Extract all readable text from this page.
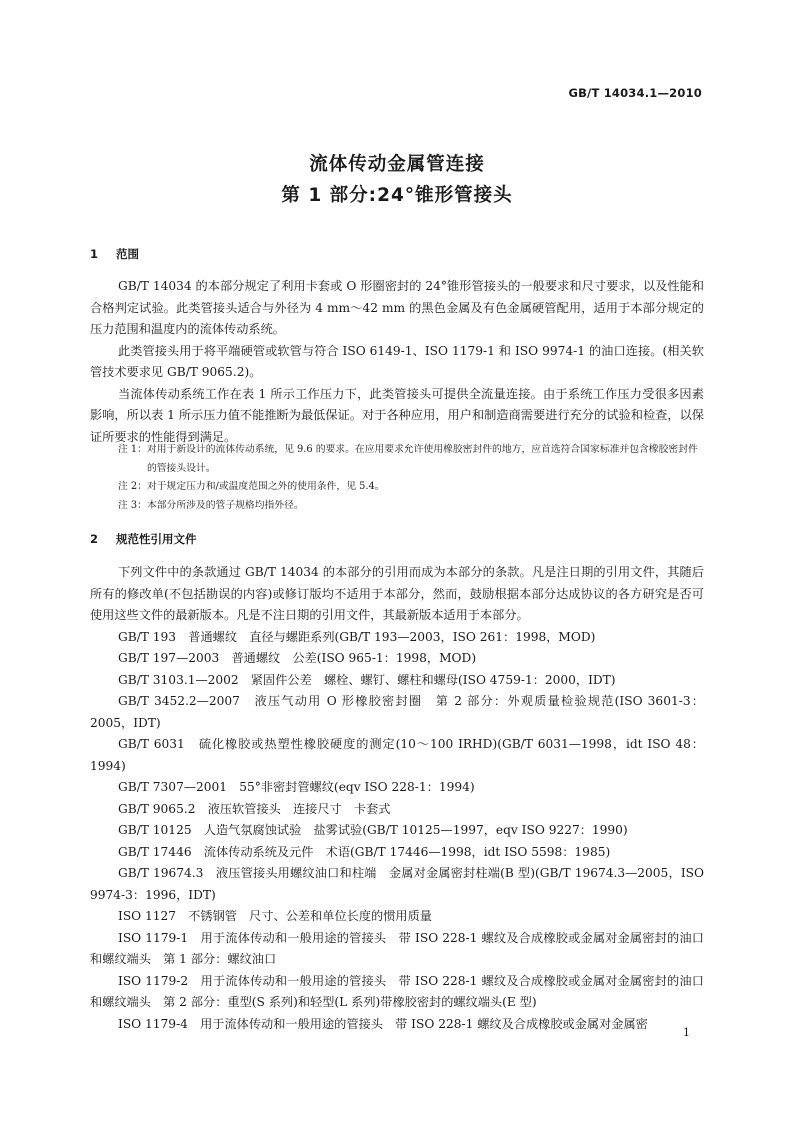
GB/T 14034.1—2010
流体传动金属管连接
第 1 部分:24°锥形管接头
1 范围

GB/T 14034 的本部分规定了利用卡套或 O 形圈密封的 24°锥形管接头的一般要求和尺寸要求，以及性能和合格判定试验。此类管接头适合与外径为 4 mm～42 mm 的黑色金属及有色金属硬管配用，适用于本部分规定的压力范围和温度内的流体传动系统。

此类管接头用于将平端硬管或软管与符合 ISO 6149-1、ISO 1179-1 和 ISO 9974-1 的油口连接。(相关软管技术要求见 GB/T 9065.2)。

当流体传动系统工作在表 1 所示工作压力下，此类管接头可提供全流量连接。由于系统工作压力受很多因素影响，所以表 1 所示压力值不能推断为最低保证。对于各种应用，用户和制造商需要进行充分的试验和检查，以保证所要求的性能得到满足。

注 1： 对用于新设计的流体传动系统，见 9.6 的要求。在应用要求允许使用橡胶密封件的地方，应首选符合国家标准并包含橡胶密封件的管接头设计。
注 2： 对于规定压力和/或温度范围之外的使用条件，见 5.4。
注 3： 本部分所涉及的管子规格均指外径。
2 规范性引用文件

下列文件中的条款通过 GB/T 14034 的本部分的引用而成为本部分的条款。凡是注日期的引用文件，其随后所有的修改单(不包括勘误的内容)或修订版均不适用于本部分，然而，鼓励根据本部分达成协议的各方研究是否可使用这些文件的最新版本。凡是不注日期的引用文件，其最新版本适用于本部分。

GB/T 193　普通螺纹　直径与螺距系列(GB/T 193—2003，ISO 261：1998，MOD)

GB/T 197—2003　普通螺纹　公差(ISO 965-1：1998，MOD)

GB/T 3103.1—2002　紧固件公差　螺栓、螺钉、螺柱和螺母(ISO 4759-1：2000，IDT)

GB/T 3452.2—2007　液压气动用 O 形橡胶密封圈　第 2 部分：外观质量检验规范(ISO 3601-3：2005，IDT)

GB/T 6031　硫化橡胶或热塑性橡胶硬度的测定(10～100 IRHD)(GB/T 6031—1998，idt ISO 48：1994)

GB/T 7307—2001　55°非密封管螺纹(eqv ISO 228-1：1994)

GB/T 9065.2　液压软管接头　连接尺寸　卡套式

GB/T 10125　人造气氛腐蚀试验　盐雾试验(GB/T 10125—1997，eqv ISO 9227：1990)

GB/T 17446　流体传动系统及元件　术语(GB/T 17446—1998，idt ISO 5598：1985)

GB/T 19674.3　液压管接头用螺纹油口和柱端　金属对金属密封柱端(B 型)(GB/T 19674.3—2005，ISO 9974-3：1996，IDT)

ISO 1127　不锈钢管　尺寸、公差和单位长度的惯用质量

ISO 1179-1　用于流体传动和一般用途的管接头　带 ISO 228-1 螺纹及合成橡胶或金属对金属密封的油口和螺纹端头　第 1 部分：螺纹油口

ISO 1179-2　用于流体传动和一般用途的管接头　带 ISO 228-1 螺纹及合成橡胶或金属对金属密封的油口和螺纹端头　第 2 部分：重型(S 系列)和轻型(L 系列)带橡胶密封的螺纹端头(E 型)

ISO 1179-4　用于流体传动和一般用途的管接头　带 ISO 228-1 螺纹及合成橡胶或金属对金属密

1
